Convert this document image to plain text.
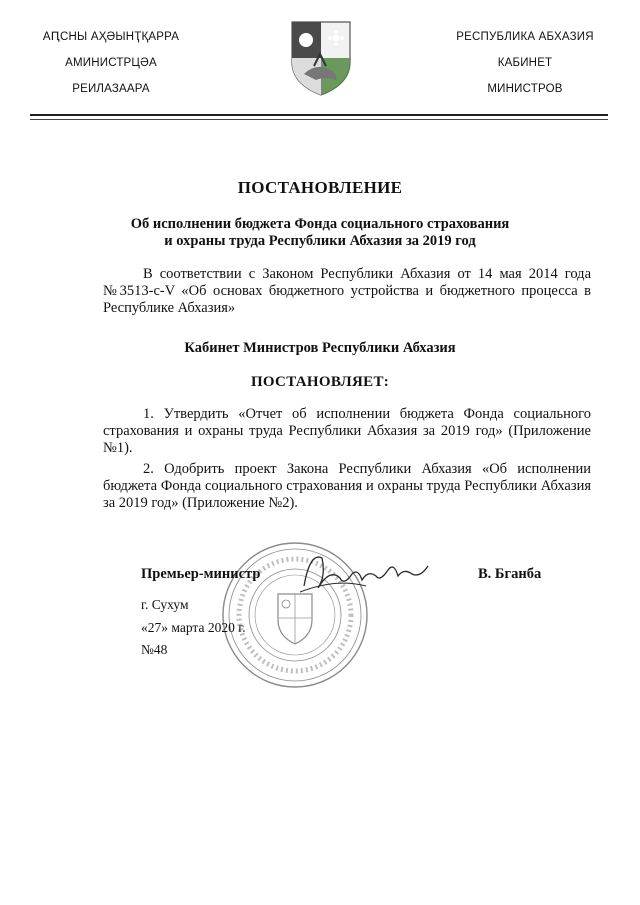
АԤСНЫ АҲӘЫНҬҚАРРА
АМИНИСТРЦӘА
РЕИЛАЗААРА
РЕСПУБЛИКА АБХАЗИЯ
КАБИНЕТ
МИНИСТРОВ
ПОСТАНОВЛЕНИЕ
Об исполнении бюджета Фонда социального страхования
и охраны труда Республики Абхазия за 2019 год
В соответствии с Законом Республики Абхазия от 14 мая 2014 года №3513-с-V «Об основах бюджетного устройства и бюджетного процесса в Республике Абхазия»
Кабинет Министров Республики Абхазия
ПОСТАНОВЛЯЕТ:
1. Утвердить «Отчет об исполнении бюджета Фонда социального страхования и охраны труда Республики Абхазия за 2019 год» (Приложение №1).
2. Одобрить проект Закона Республики Абхазия «Об исполнении бюджета Фонда социального страхования и охраны труда Республики Абхазия за 2019 год» (Приложение №2).
Премьер-министр	В. Бганба
г. Сухум
«27» марта 2020 г.
№48
